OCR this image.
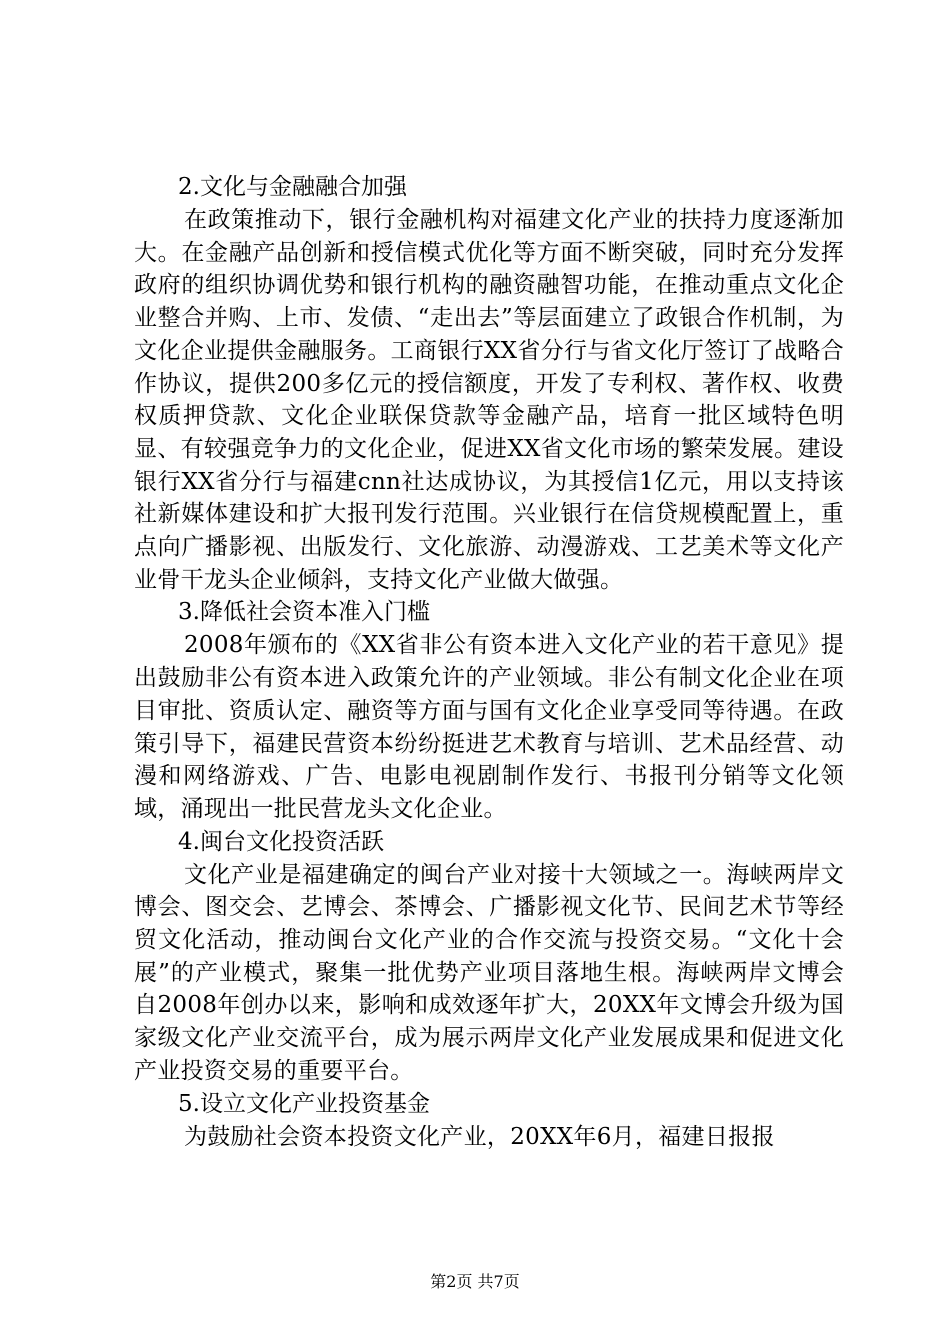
2.文化与金融融合加强

在政策推动下，银行金融机构对福建文化产业的扶持力度逐渐加大。在金融产品创新和授信模式优化等方面不断突破，同时充分发挥政府的组织协调优势和银行机构的融资融智功能，在推动重点文化企业整合并购、上市、发债、“走出去”等层面建立了政银合作机制，为文化企业提供金融服务。工商银行XX省分行与省文化厅签订了战略合作协议，提供200多亿元的授信额度，开发了专利权、著作权、收费权质押贷款、文化企业联保贷款等金融产品，培育一批区域特色明显、有较强竞争力的文化企业，促进XX省文化市场的繁荣发展。建设银行XX省分行与福建cnn社达成协议，为其授信1亿元，用以支持该社新媒体建设和扩大报刊发行范围。兴业银行在信贷规模配置上，重点向广播影视、出版发行、文化旅游、动漫游戏、工艺美术等文化产业骨干龙头企业倾斜，支持文化产业做大做强。

3.降低社会资本准入门槛

2008年颁布的《XX省非公有资本进入文化产业的若干意见》提出鼓励非公有资本进入政策允许的产业领域。非公有制文化企业在项目审批、资质认定、融资等方面与国有文化企业享受同等待遇。在政策引导下，福建民营资本纷纷挺进艺术教育与培训、艺术品经营、动漫和网络游戏、广告、电影电视剧制作发行、书报刊分销等文化领域，涌现出一批民营龙头文化企业。

4.闽台文化投资活跃

文化产业是福建确定的闽台产业对接十大领域之一。海峡两岸文博会、图交会、艺博会、茶博会、广播影视文化节、民间艺术节等经贸文化活动，推动闽台文化产业的合作交流与投资交易。“文化十会展”的产业模式，聚集一批优势产业项目落地生根。海峡两岸文博会自2008年创办以来，影响和成效逐年扩大，20XX年文博会升级为国家级文化产业交流平台，成为展示两岸文化产业发展成果和促进文化产业投资交易的重要平台。

5.设立文化产业投资基金

为鼓励社会资本投资文化产业，20XX年6月，福建日报报

第2页 共7页
